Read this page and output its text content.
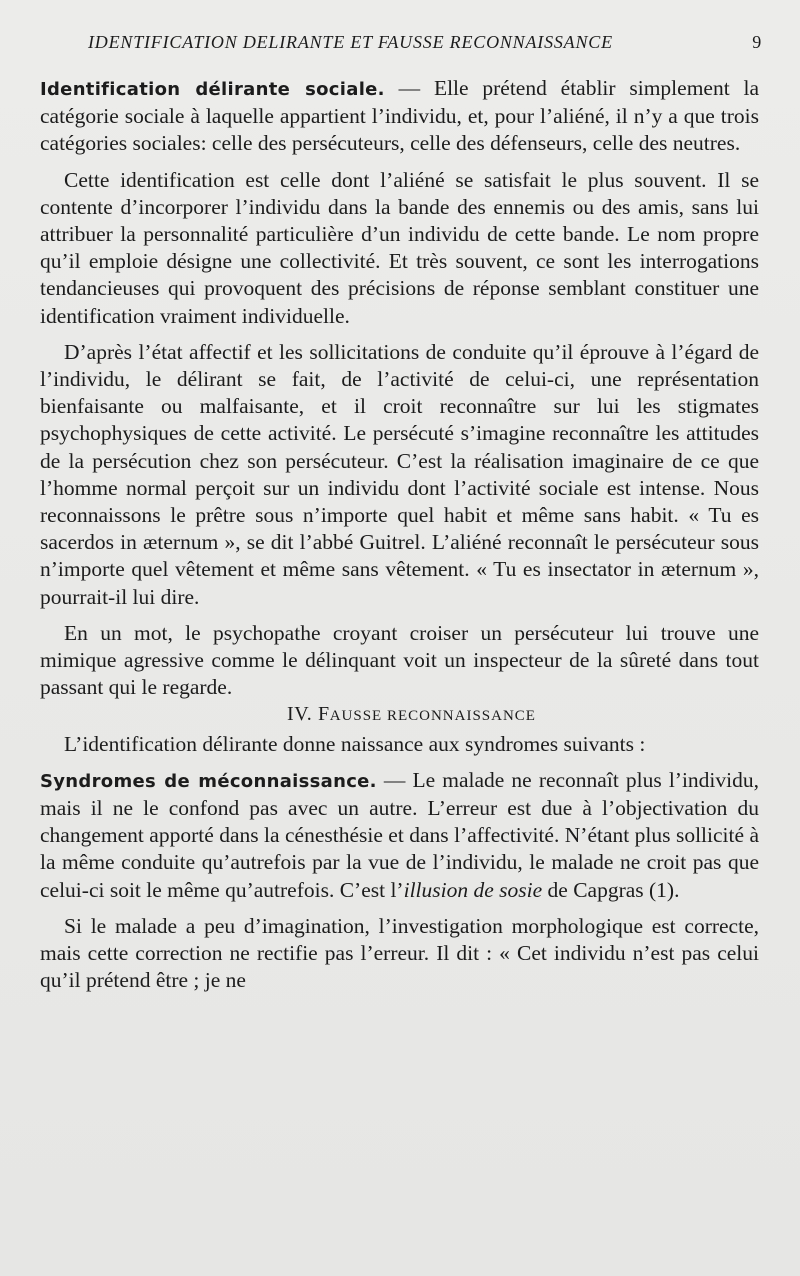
IDENTIFICATION DELIRANTE ET FAUSSE RECONNAISSANCE	9

Identification délirante sociale. — Elle prétend établir simplement la catégorie sociale à laquelle appartient l’individu, et, pour l’aliéné, il n’y a que trois catégories sociales: celle des persécuteurs, celle des défenseurs, celle des neutres.

Cette identification est celle dont l’aliéné se satisfait le plus souvent. Il se contente d’incorporer l’individu dans la bande des ennemis ou des amis, sans lui attribuer la personnalité particulière d’un individu de cette bande. Le nom propre qu’il emploie désigne une collectivité. Et très souvent, ce sont les interrogations tendancieuses qui provoquent des précisions de réponse semblant constituer une identification vraiment individuelle.

D’après l’état affectif et les sollicitations de conduite qu’il éprouve à l’égard de l’individu, le délirant se fait, de l’activité de celui-ci, une représentation bienfaisante ou malfaisante, et il croit reconnaître sur lui les stigmates psychophysiques de cette activité. Le persécuté s’imagine reconnaître les attitudes de la persécution chez son persécuteur. C’est la réalisation imaginaire de ce que l’homme normal perçoit sur un individu dont l’activité sociale est intense. Nous reconnaissons le prêtre sous n’importe quel habit et même sans habit. « Tu es sacerdos in æternum », se dit l’abbé Guitrel. L’aliéné reconnaît le persécuteur sous n’importe quel vêtement et même sans vêtement. « Tu es insectator in æternum », pourrait-il lui dire.

En un mot, le psychopathe croyant croiser un persécuteur lui trouve une mimique agressive comme le délinquant voit un inspecteur de la sûreté dans tout passant qui le regarde.

IV. FAUSSE RECONNAISSANCE

L’identification délirante donne naissance aux syndromes suivants :

Syndromes de méconnaissance. — Le malade ne reconnaît plus l’individu, mais il ne le confond pas avec un autre. L’erreur est due à l’objectivation du changement apporté dans la cénesthésie et dans l’affectivité. N’étant plus sollicité à la même conduite qu’autrefois par la vue de l’individu, le malade ne croit pas que celui-ci soit le même qu’autrefois. C’est l’illusion de sosie de Capgras (1).

Si le malade a peu d’imagination, l’investigation morphologique est correcte, mais cette correction ne rectifie pas l’erreur. Il dit : « Cet individu n’est pas celui qu’il prétend être ; je ne
